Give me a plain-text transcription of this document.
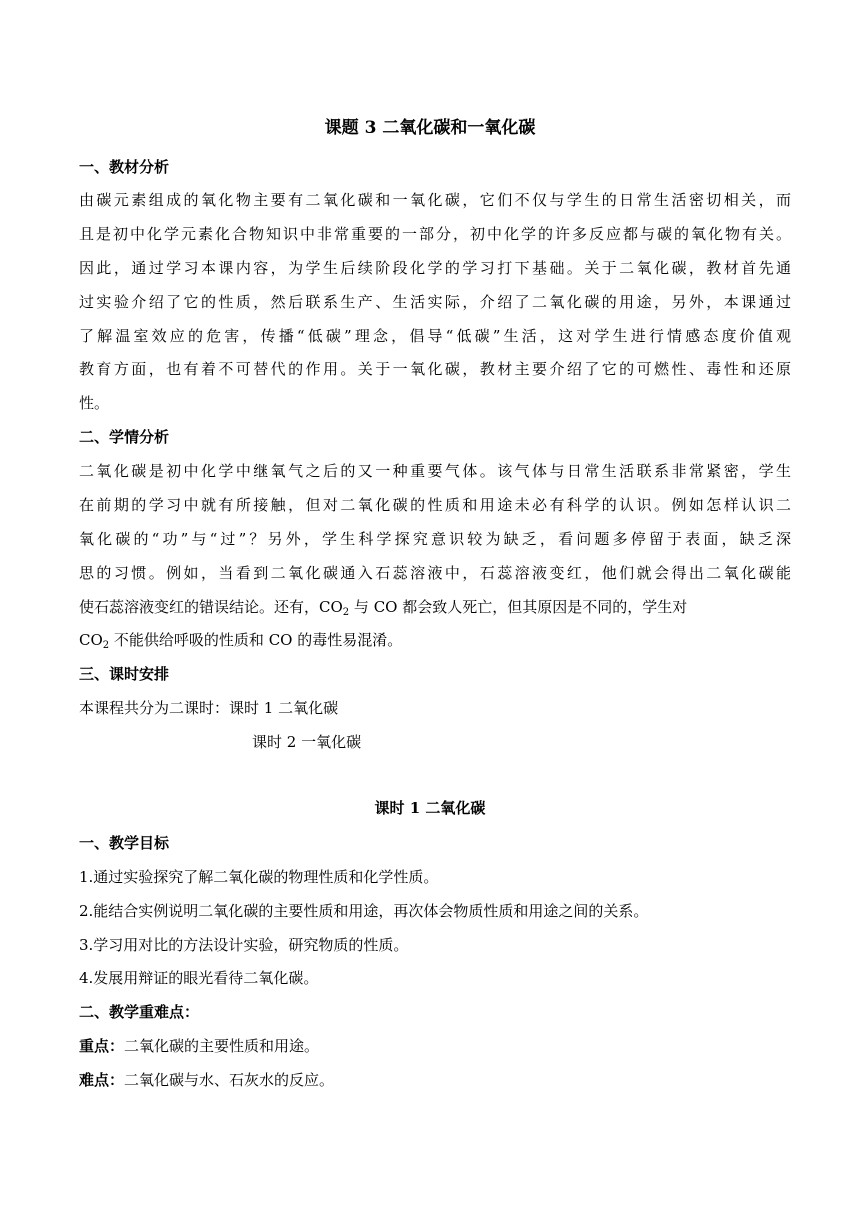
课题 3 二氧化碳和一氧化碳
一、教材分析
由碳元素组成的氧化物主要有二氧化碳和一氧化碳，它们不仅与学生的日常生活密切相关，而
且是初中化学元素化合物知识中非常重要的一部分，初中化学的许多反应都与碳的氧化物有关。
因此，通过学习本课内容，为学生后续阶段化学的学习打下基础。关于二氧化碳，教材首先通
过实验介绍了它的性质，然后联系生产、生活实际，介绍了二氧化碳的用途，另外，本课通过
了解温室效应的危害，传播“低碳”理念，倡导“低碳”生活，这对学生进行情感态度价值观
教育方面，也有着不可替代的作用。关于一氧化碳，教材主要介绍了它的可燃性、毒性和还原
性。
二、学情分析
二氧化碳是初中化学中继氧气之后的又一种重要气体。该气体与日常生活联系非常紧密，学生
在前期的学习中就有所接触，但对二氧化碳的性质和用途未必有科学的认识。例如怎样认识二
氧化碳的“功”与“过”？另外，学生科学探究意识较为缺乏，看问题多停留于表面，缺乏深
思的习惯。例如，当看到二氧化碳通入石蕊溶液中，石蕊溶液变红，他们就会得出二氧化碳能
使石蕊溶液变红的错误结论。还有，$CO_2$ 与 CO 都会致人死亡，但其原因是不同的，学生对
$CO_2$ 不能供给呼吸的性质和 CO 的毒性易混淆。
三、课时安排
本课程共分为二课时：课时 1 二氧化碳
课时 2 一氧化碳
课时 1 二氧化碳
一、教学目标
1.通过实验探究了解二氧化碳的物理性质和化学性质。
2.能结合实例说明二氧化碳的主要性质和用途，再次体会物质性质和用途之间的关系。
3.学习用对比的方法设计实验，研究物质的性质。
4.发展用辩证的眼光看待二氧化碳。
二、教学重难点：
重点：二氧化碳的主要性质和用途。
难点：二氧化碳与水、石灰水的反应。
